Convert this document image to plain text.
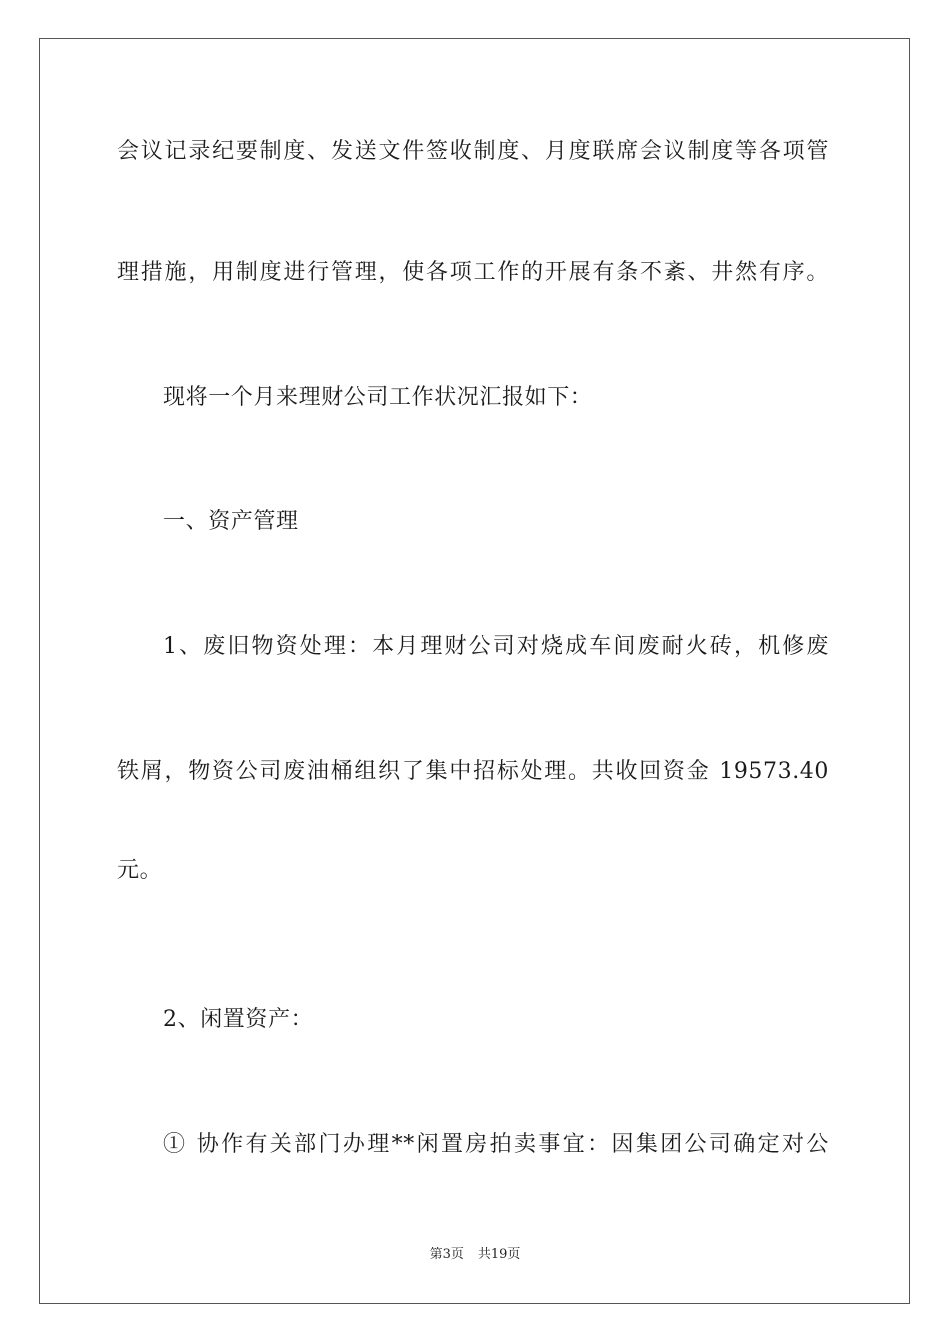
会议记录纪要制度、发送文件签收制度、月度联席会议制度等各项管
理措施，用制度进行管理，使各项工作的开展有条不紊、井然有序。
现将一个月来理财公司工作状况汇报如下：
一、资产管理
1、废旧物资处理：本月理财公司对烧成车间废耐火砖，机修废
铁屑，物资公司废油桶组织了集中招标处理。共收回资金 19573.40
元。
2、闲置资产：
① 协作有关部门办理**闲置房拍卖事宜：因集团公司确定对公
第3页 共19页
